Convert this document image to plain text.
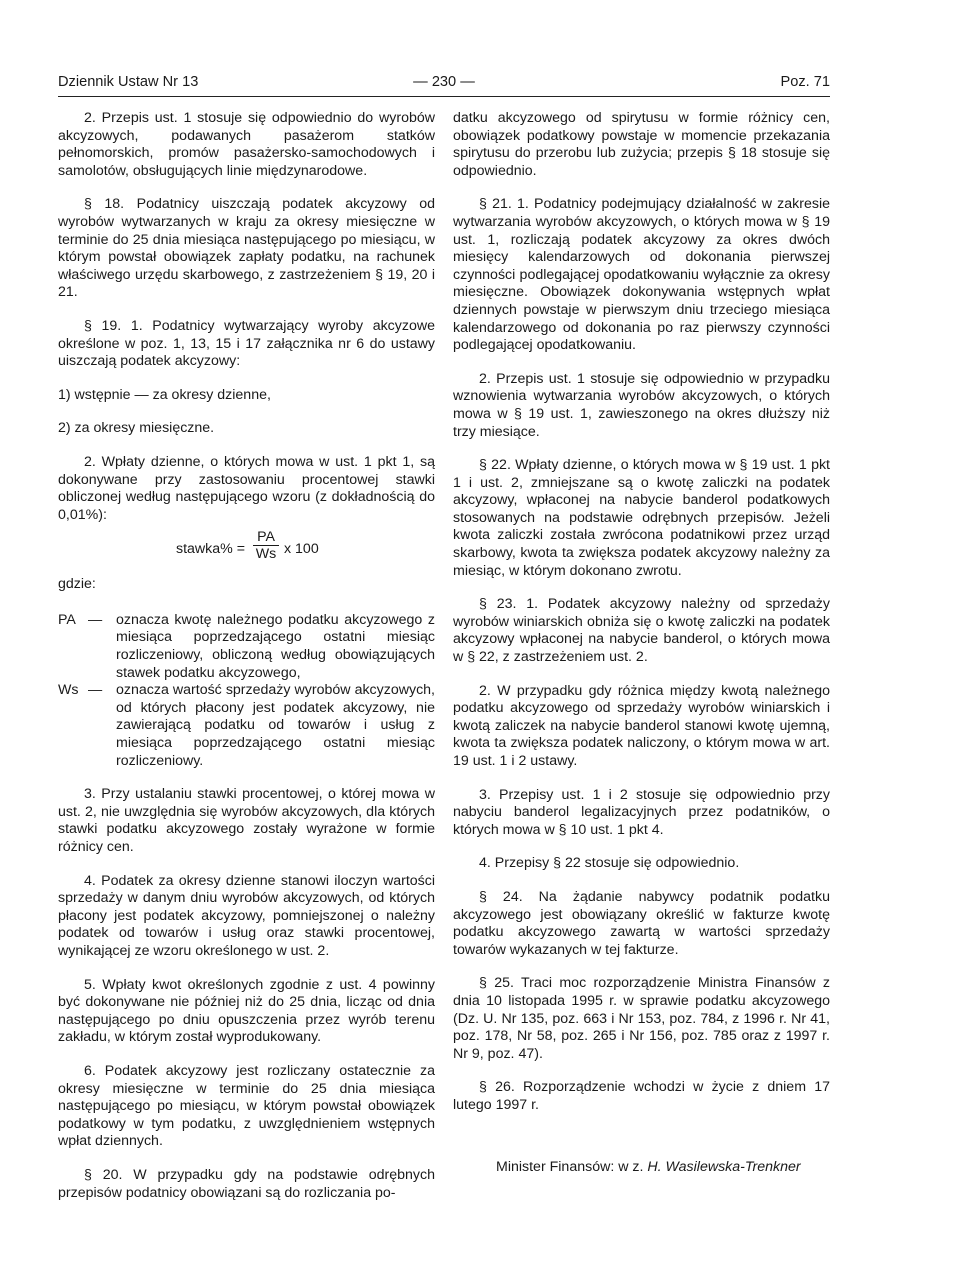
Dziennik Ustaw Nr 13	— 230 —	Poz. 71

2. Przepis ust. 1 stosuje się odpowiednio do wyrobów akcyzowych, podawanych pasażerom statków pełnomorskich, promów pasażersko-samochodowych i samolotów, obsługujących linie międzynarodowe.

§ 18. Podatnicy uiszczają podatek akcyzowy od wyrobów wytwarzanych w kraju za okresy miesięczne w terminie do 25 dnia miesiąca następującego po miesiącu, w którym powstał obowiązek zapłaty podatku, na rachunek właściwego urzędu skarbowego, z zastrzeżeniem § 19, 20 i 21.

§ 19. 1. Podatnicy wytwarzający wyroby akcyzowe określone w poz. 1, 13, 15 i 17 załącznika nr 6 do ustawy uiszczają podatek akcyzowy:

1) wstępnie — za okresy dzienne,

2) za okresy miesięczne.

2. Wpłaty dzienne, o których mowa w ust. 1 pkt 1, są dokonywane przy zastosowaniu procentowej stawki obliczonej według następującego wzoru (z dokładnością do 0,01%):

stawka% = $\frac{PA}{Ws}$ x 100
gdzie:
PA — oznacza kwotę należnego podatku akcyzowego z miesiąca poprzedzającego ostatni miesiąc rozliczeniowy, obliczoną według obowiązujących stawek podatku akcyzowego,
Ws — oznacza wartość sprzedaży wyrobów akcyzowych, od których płacony jest podatek akcyzowy, nie zawierającą podatku od towarów i usług z miesiąca poprzedzającego ostatni miesiąc rozliczeniowy.

3. Przy ustalaniu stawki procentowej, o której mowa w ust. 2, nie uwzględnia się wyrobów akcyzowych, dla których stawki podatku akcyzowego zostały wyrażone w formie różnicy cen.

4. Podatek za okresy dzienne stanowi iloczyn wartości sprzedaży w danym dniu wyrobów akcyzowych, od których płacony jest podatek akcyzowy, pomniejszonej o należny podatek od towarów i usług oraz stawki procentowej, wynikającej ze wzoru określonego w ust. 2.

5. Wpłaty kwot określonych zgodnie z ust. 4 powinny być dokonywane nie później niż do 25 dnia, licząc od dnia następującego po dniu opuszczenia przez wyrób terenu zakładu, w którym został wyprodukowany.

6. Podatek akcyzowy jest rozliczany ostatecznie za okresy miesięczne w terminie do 25 dnia miesiąca następującego po miesiącu, w którym powstał obowiązek podatkowy w tym podatku, z uwzględnieniem wstępnych wpłat dziennych.

§ 20. W przypadku gdy na podstawie odrębnych przepisów podatnicy obowiązani są do rozliczania po-

datku akcyzowego od spirytusu w formie różnicy cen, obowiązek podatkowy powstaje w momencie przekazania spirytusu do przerobu lub zużycia; przepis § 18 stosuje się odpowiednio.

§ 21. 1. Podatnicy podejmujący działalność w zakresie wytwarzania wyrobów akcyzowych, o których mowa w § 19 ust. 1, rozliczają podatek akcyzowy za okres dwóch miesięcy kalendarzowych od dokonania pierwszej czynności podlegającej opodatkowaniu wyłącznie za okresy miesięczne. Obowiązek dokonywania wstępnych wpłat dziennych powstaje w pierwszym dniu trzeciego miesiąca kalendarzowego od dokonania po raz pierwszy czynności podlegającej opodatkowaniu.

2. Przepis ust. 1 stosuje się odpowiednio w przypadku wznowienia wytwarzania wyrobów akcyzowych, o których mowa w § 19 ust. 1, zawieszonego na okres dłuższy niż trzy miesiące.

§ 22. Wpłaty dzienne, o których mowa w § 19 ust. 1 pkt 1 i ust. 2, zmniejszane są o kwotę zaliczki na podatek akcyzowy, wpłaconej na nabycie banderol podatkowych stosowanych na podstawie odrębnych przepisów. Jeżeli kwota zaliczki została zwrócona podatnikowi przez urząd skarbowy, kwota ta zwiększa podatek akcyzowy należny za miesiąc, w którym dokonano zwrotu.

§ 23. 1. Podatek akcyzowy należny od sprzedaży wyrobów winiarskich obniża się o kwotę zaliczki na podatek akcyzowy wpłaconej na nabycie banderol, o których mowa w § 22, z zastrzeżeniem ust. 2.

2. W przypadku gdy różnica między kwotą należnego podatku akcyzowego od sprzedaży wyrobów winiarskich i kwotą zaliczek na nabycie banderol stanowi kwotę ujemną, kwota ta zwiększa podatek naliczony, o którym mowa w art. 19 ust. 1 i 2 ustawy.

3. Przepisy ust. 1 i 2 stosuje się odpowiednio przy nabyciu banderol legalizacyjnych przez podatników, o których mowa w § 10 ust. 1 pkt 4.

4. Przepisy § 22 stosuje się odpowiednio.

§ 24. Na żądanie nabywcy podatnik podatku akcyzowego jest obowiązany określić w fakturze kwotę podatku akcyzowego zawartą w wartości sprzedaży towarów wykazanych w tej fakturze.

§ 25. Traci moc rozporządzenie Ministra Finansów z dnia 10 listopada 1995 r. w sprawie podatku akcyzowego (Dz. U. Nr 135, poz. 663 i Nr 153, poz. 784, z 1996 r. Nr 41, poz. 178, Nr 58, poz. 265 i Nr 156, poz. 785 oraz z 1997 r. Nr 9, poz. 47).

§ 26. Rozporządzenie wchodzi w życie z dniem 17 lutego 1997 r.

Minister Finansów: w z. H. Wasilewska-Trenkner
